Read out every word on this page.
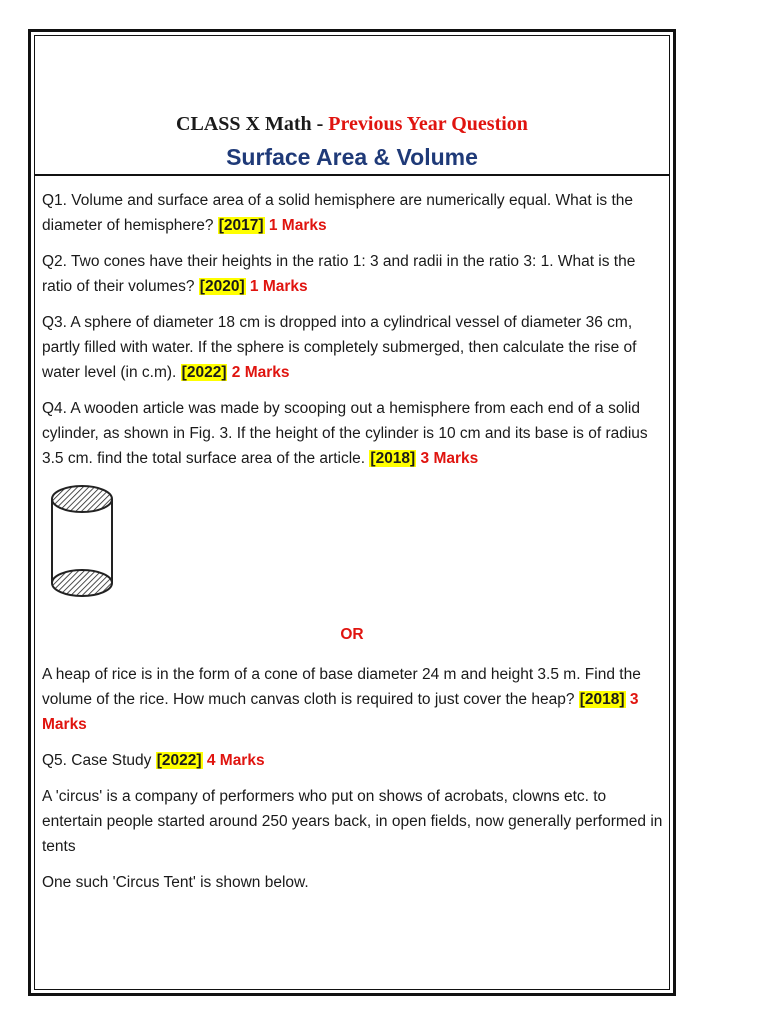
CLASS X Math - Previous Year Question
Surface Area & Volume

Q1. Volume and surface area of a solid hemisphere are numerically equal. What is the diameter of hemisphere? [2017] 1 Marks

Q2. Two cones have their heights in the ratio 1: 3 and radii in the ratio 3: 1. What is the ratio of their volumes? [2020] 1 Marks

Q3. A sphere of diameter 18 cm is dropped into a cylindrical vessel of diameter 36 cm, partly filled with water. If the sphere is completely submerged, then calculate the rise of water level (in c.m). [2022] 2 Marks

Q4. A wooden article was made by scooping out a hemisphere from each end of a solid cylinder, as shown in Fig. 3. If the height of the cylinder is 10 cm and its base is of radius 3.5 cm. find the total surface area of the article. [2018] 3 Marks

OR

A heap of rice is in the form of a cone of base diameter 24 m and height 3.5 m. Find the volume of the rice. How much canvas cloth is required to just cover the heap? [2018] 3 Marks

Q5. Case Study [2022] 4 Marks

A 'circus' is a company of performers who put on shows of acrobats, clowns etc. to entertain people started around 250 years back, in open fields, now generally performed in tents

One such 'Circus Tent' is shown below.
